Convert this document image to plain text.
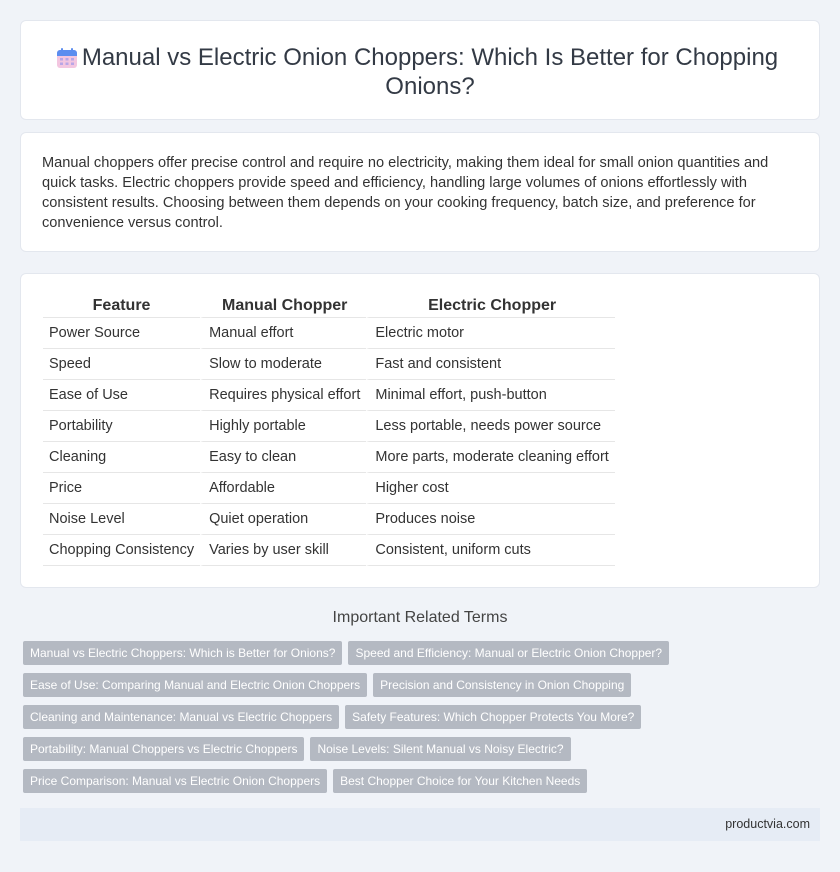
Manual vs Electric Onion Choppers: Which Is Better for Chopping Onions?

Manual choppers offer precise control and require no electricity, making them ideal for small onion quantities and quick tasks. Electric choppers provide speed and efficiency, handling large volumes of onions effortlessly with consistent results. Choosing between them depends on your cooking frequency, batch size, and preference for convenience versus control.

Feature	Manual Chopper	Electric Chopper
Power Source	Manual effort	Electric motor
Speed	Slow to moderate	Fast and consistent
Ease of Use	Requires physical effort	Minimal effort, push-button
Portability	Highly portable	Less portable, needs power source
Cleaning	Easy to clean	More parts, moderate cleaning effort
Price	Affordable	Higher cost
Noise Level	Quiet operation	Produces noise
Chopping Consistency	Varies by user skill	Consistent, uniform cuts
Important Related Terms
Manual vs Electric Choppers: Which is Better for Onions? Speed and Efficiency: Manual or Electric Onion Chopper?
Ease of Use: Comparing Manual and Electric Onion Choppers Precision and Consistency in Onion Chopping
Cleaning and Maintenance: Manual vs Electric Choppers Safety Features: Which Chopper Protects You More?
Portability: Manual Choppers vs Electric Choppers Noise Levels: Silent Manual vs Noisy Electric?
Price Comparison: Manual vs Electric Onion Choppers Best Chopper Choice for Your Kitchen Needs
productvia.com
